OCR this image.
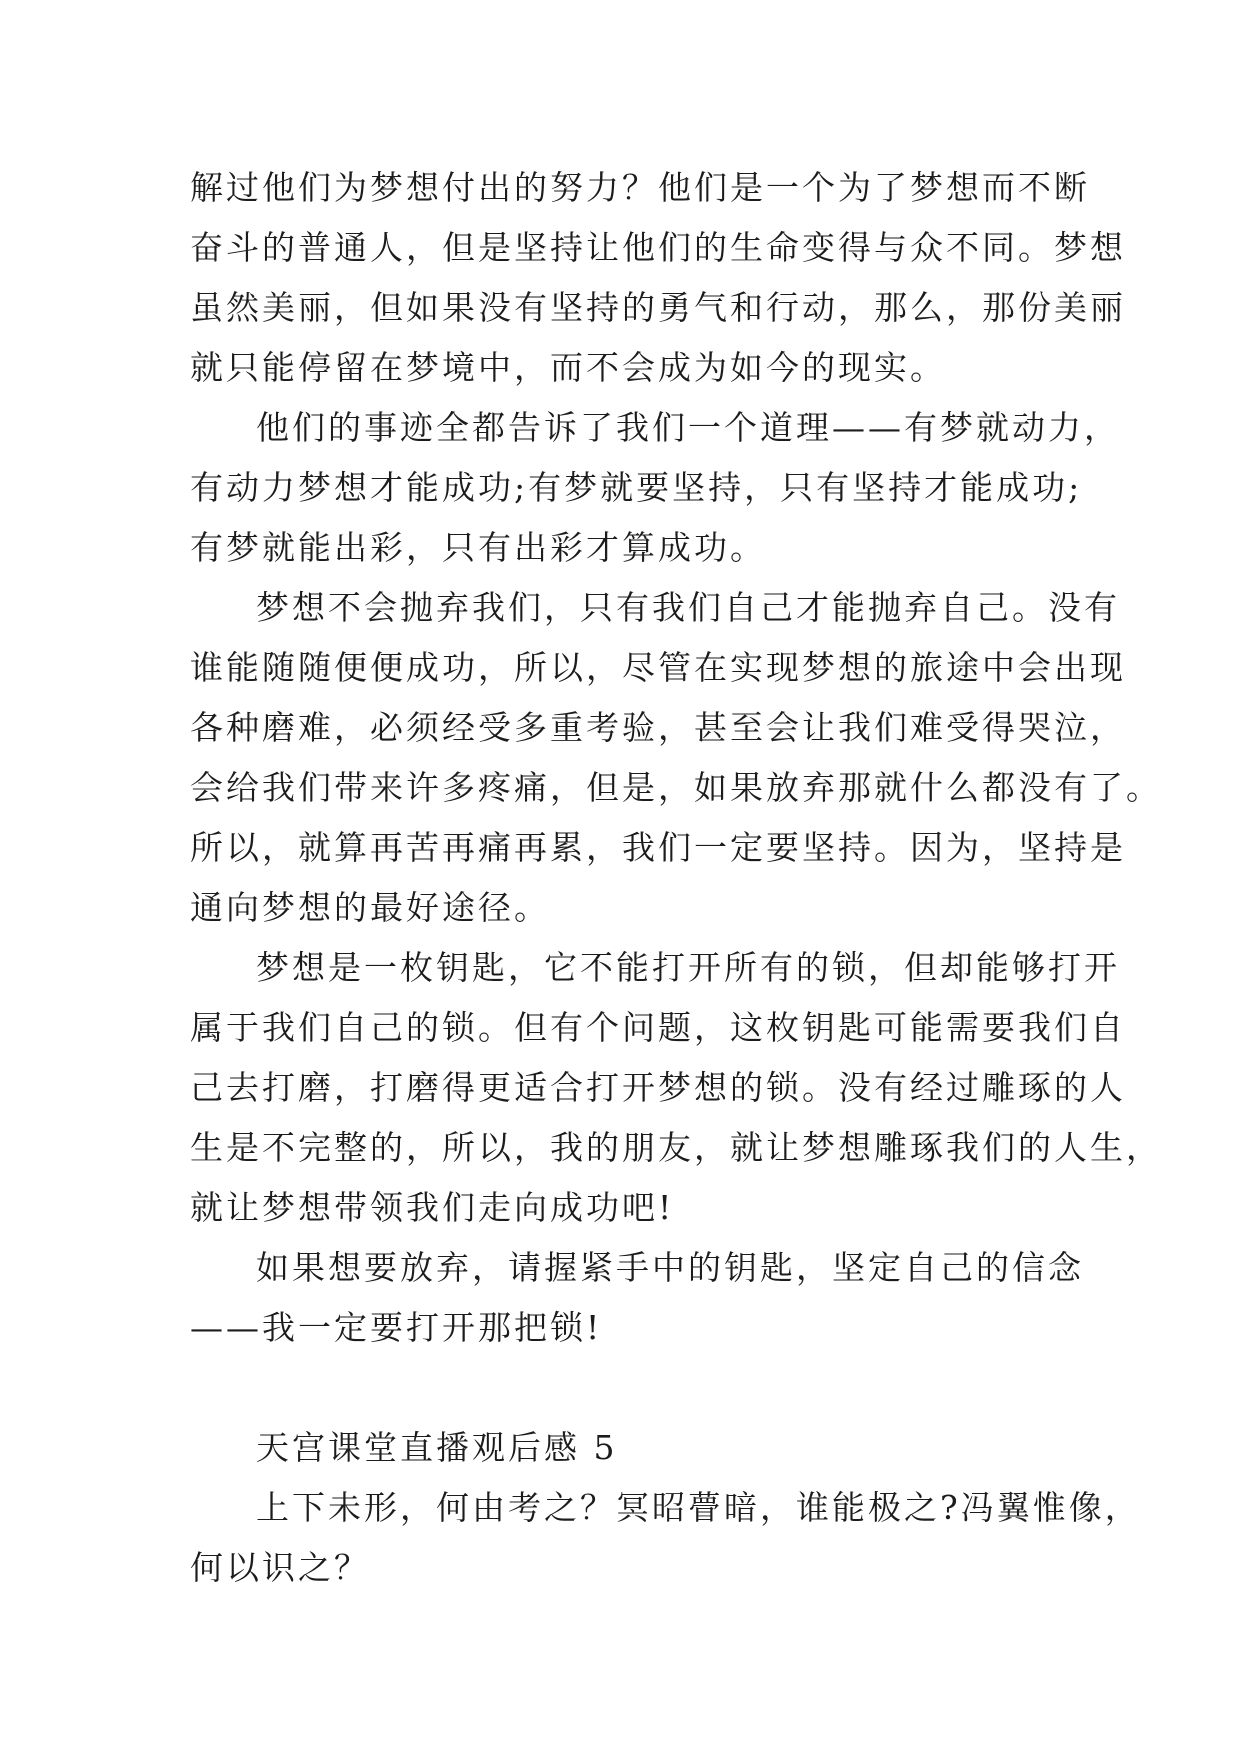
解过他们为梦想付出的努力？他们是一个为了梦想而不断
奋斗的普通人，但是坚持让他们的生命变得与众不同。梦想
虽然美丽，但如果没有坚持的勇气和行动，那么，那份美丽
就只能停留在梦境中，而不会成为如今的现实。

他们的事迹全都告诉了我们一个道理——有梦就动力，
有动力梦想才能成功;有梦就要坚持，只有坚持才能成功;
有梦就能出彩，只有出彩才算成功。

梦想不会抛弃我们，只有我们自己才能抛弃自己。没有
谁能随随便便成功，所以，尽管在实现梦想的旅途中会出现
各种磨难，必须经受多重考验，甚至会让我们难受得哭泣，
会给我们带来许多疼痛，但是，如果放弃那就什么都没有了。
所以，就算再苦再痛再累，我们一定要坚持。因为，坚持是
通向梦想的最好途径。

梦想是一枚钥匙，它不能打开所有的锁，但却能够打开
属于我们自己的锁。但有个问题，这枚钥匙可能需要我们自
己去打磨，打磨得更适合打开梦想的锁。没有经过雕琢的人
生是不完整的，所以，我的朋友，就让梦想雕琢我们的人生，
就让梦想带领我们走向成功吧!

如果想要放弃，请握紧手中的钥匙，坚定自己的信念
——我一定要打开那把锁!

天宫课堂直播观后感 5

上下未形，何由考之？冥昭瞢暗，谁能极之?冯翼惟像，
何以识之？
